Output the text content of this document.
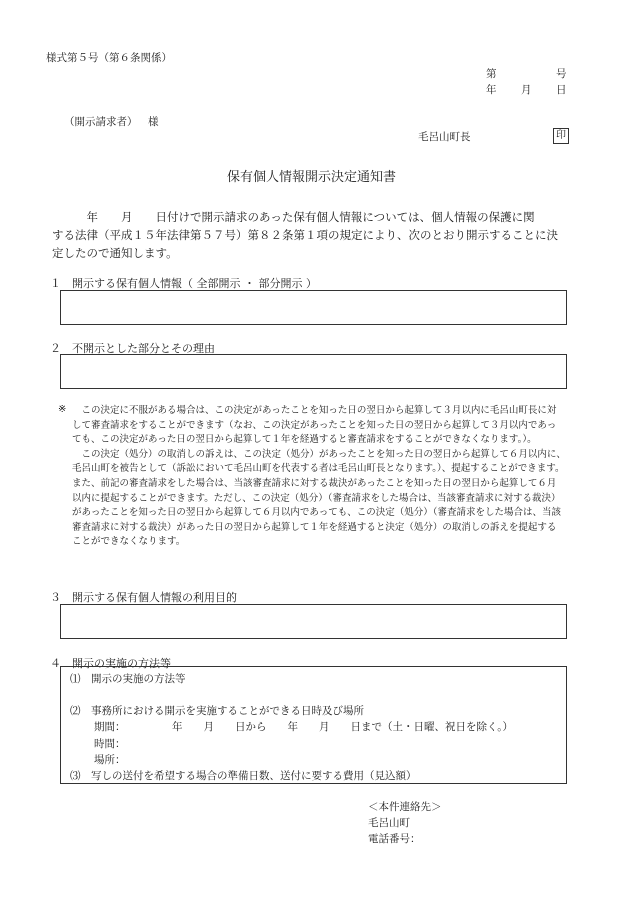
様式第５号（第６条関係）
第	号
年 月 日
（開示請求者） 様
毛呂山町長	印
保有個人情報開示決定通知書
　　　年　　月　　日付けで開示請求のあった保有個人情報については、個人情報の保護に関
する法律（平成１５年法律第５７号）第８２条第１項の規定により、次のとおり開示することに決
定したので通知します。
１ 開示する保有個人情報（ 全部開示 ・ 部分開示 ）
２ 不開示とした部分とその理由
※	この決定に不服がある場合は、この決定があったことを知った日の翌日から起算して３月以内に毛呂山町長に対

して審査請求をすることができます（なお、この決定があったことを知った日の翌日から起算して３月以内であっ

ても、この決定があった日の翌日から起算して１年を経過すると審査請求をすることができなくなります。）。

この決定（処分）の取消しの訴えは、この決定（処分）があったことを知った日の翌日から起算して６月以内に、

毛呂山町を被告として（訴訟において毛呂山町を代表する者は毛呂山町長となります。）、提起することができます。

また、前記の審査請求をした場合は、当該審査請求に対する裁決があったことを知った日の翌日から起算して６月

以内に提起することができます。ただし、この決定（処分）（審査請求をした場合は、当該審査請求に対する裁決）

があったことを知った日の翌日から起算して６月以内であっても、この決定（処分）（審査請求をした場合は、当該

審査請求に対する裁決）があった日の翌日から起算して１年を経過すると決定（処分）の取消しの訴えを提起する

ことができなくなります。

３ 開示する保有個人情報の利用目的
４ 開示の実施の方法等
⑴　開示の実施の方法等
⑵　事務所における開示を実施することができる日時及び場所
期間：	年　　月　　日から　　年　　月　　日まで（土・日曜、祝日を除く。）
時間：
場所：
⑶　写しの送付を希望する場合の準備日数、送付に要する費用（見込額）
＜本件連絡先＞
毛呂山町
電話番号：
